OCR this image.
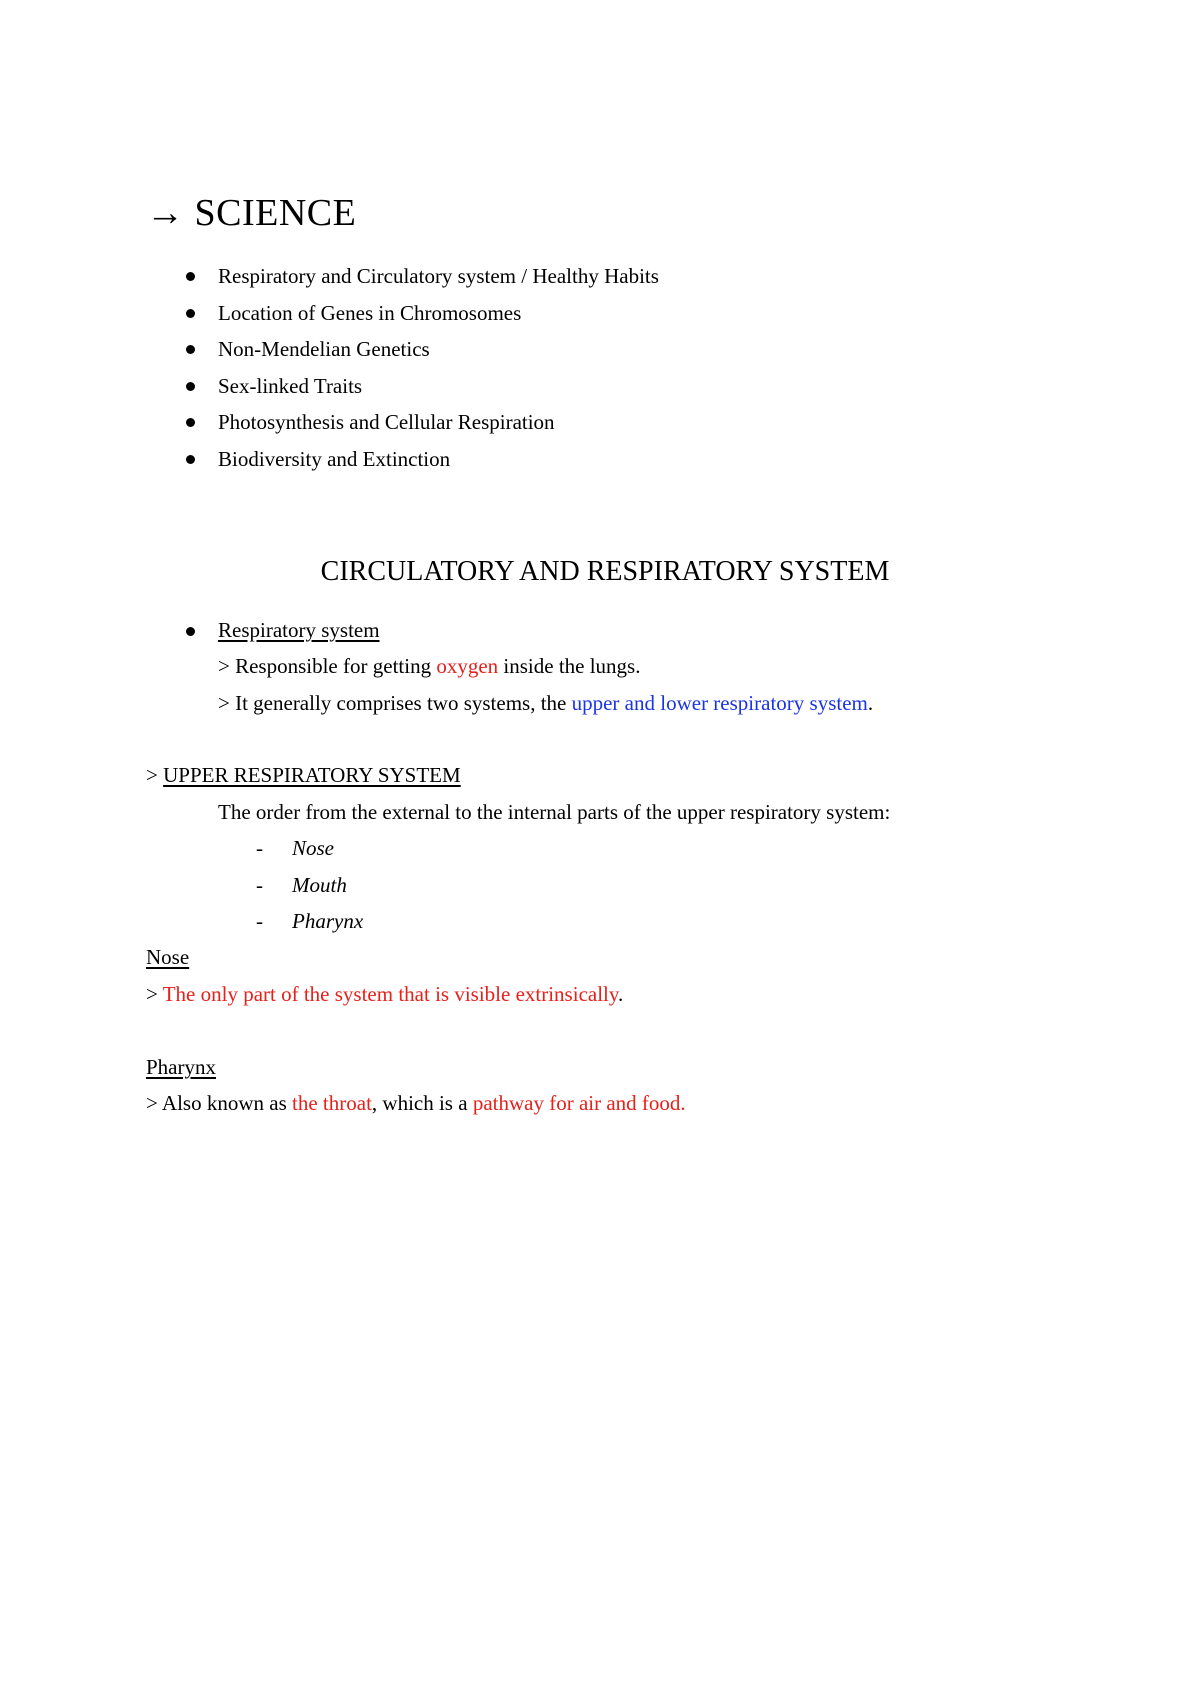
→ SCIENCE
Respiratory and Circulatory system / Healthy Habits
Location of Genes in Chromosomes
Non-Mendelian Genetics
Sex-linked Traits
Photosynthesis and Cellular Respiration
Biodiversity and Extinction
CIRCULATORY AND RESPIRATORY SYSTEM
Respiratory system
> Responsible for getting oxygen inside the lungs.
> It generally comprises two systems, the upper and lower respiratory system.
> UPPER RESPIRATORY SYSTEM
The order from the external to the internal parts of the upper respiratory system:
- Nose
- Mouth
- Pharynx
Nose
> The only part of the system that is visible extrinsically.
Pharynx
> Also known as the throat, which is a pathway for air and food.
